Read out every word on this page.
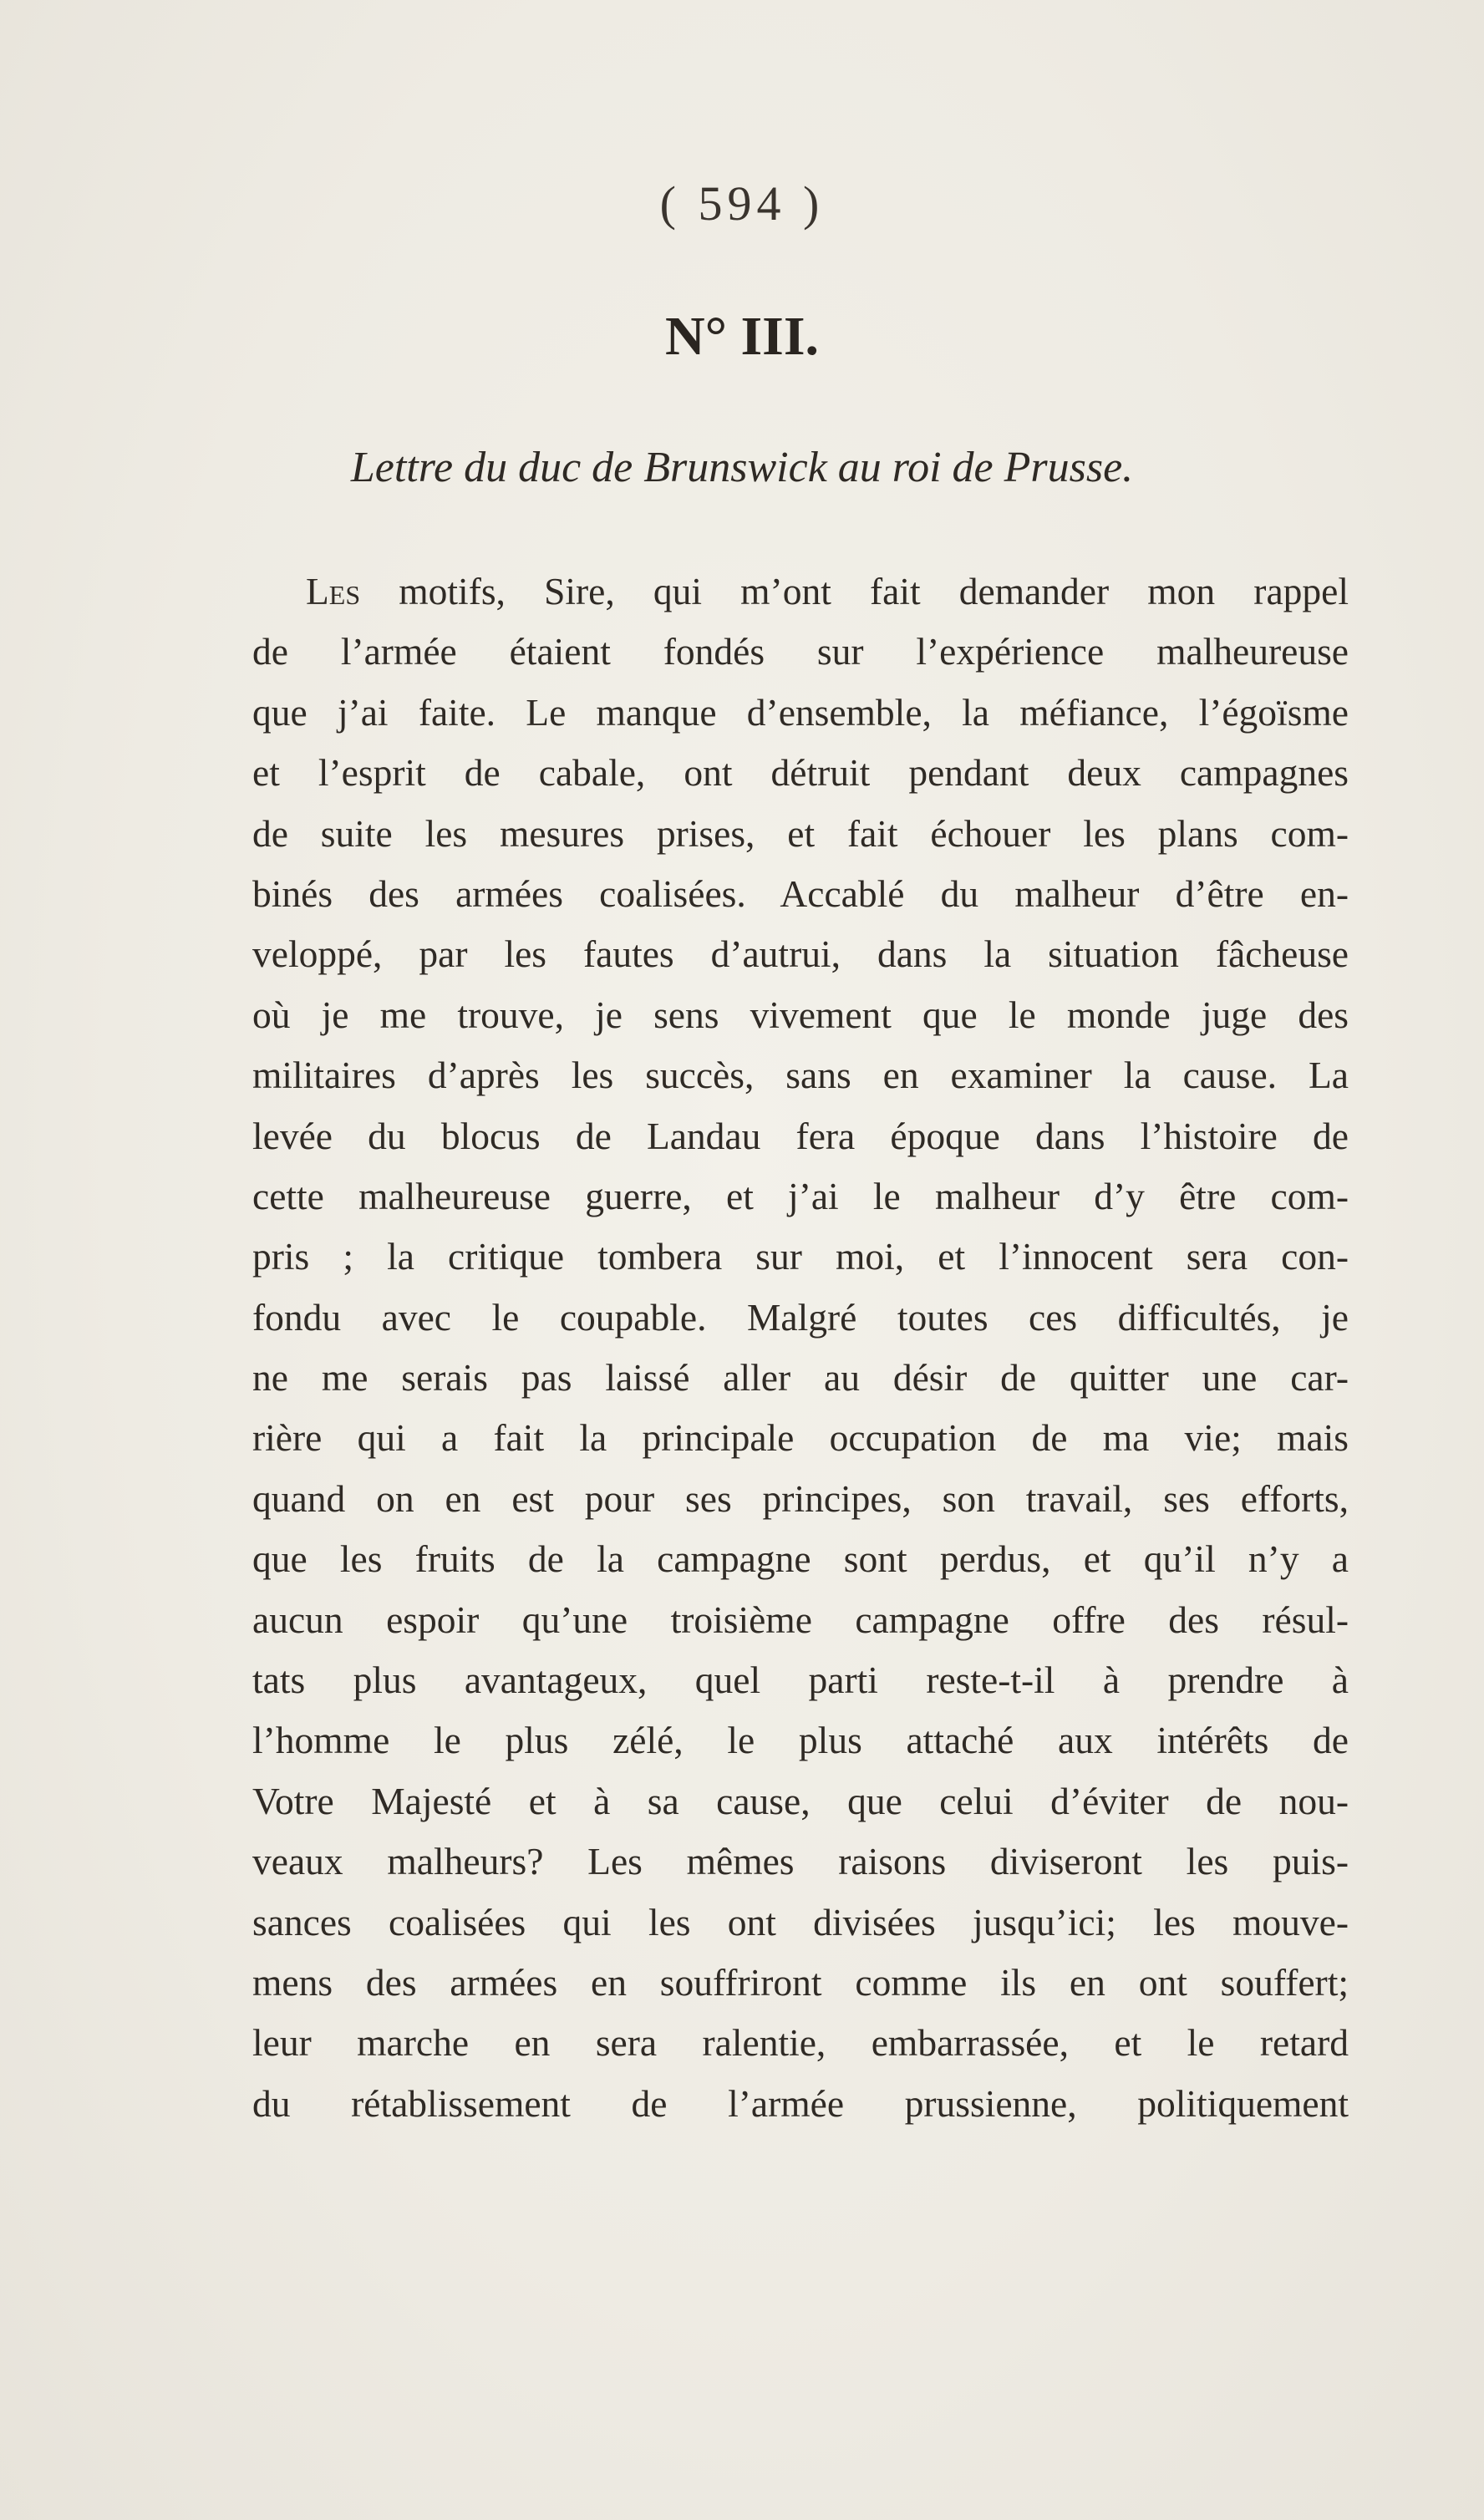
( 594 )
N° III.
Lettre du duc de Brunswick au roi de Prusse.
Les motifs, Sire, qui m’ont fait demander mon rappel
de l’armée étaient fondés sur l’expérience malheureuse
que j’ai faite. Le manque d’ensemble, la méfiance, l’égoïsme
et l’esprit de cabale, ont détruit pendant deux campagnes
de suite les mesures prises, et fait échouer les plans com-
binés des armées coalisées. Accablé du malheur d’être en-
veloppé, par les fautes d’autrui, dans la situation fâcheuse
où je me trouve, je sens vivement que le monde juge des
militaires d’après les succès, sans en examiner la cause. La
levée du blocus de Landau fera époque dans l’histoire de
cette malheureuse guerre, et j’ai le malheur d’y être com-
pris ; la critique tombera sur moi, et l’innocent sera con-
fondu avec le coupable. Malgré toutes ces difficultés, je
ne me serais pas laissé aller au désir de quitter une car-
rière qui a fait la principale occupation de ma vie; mais
quand on en est pour ses principes, son travail, ses efforts,
que les fruits de la campagne sont perdus, et qu’il n’y a
aucun espoir qu’une troisième campagne offre des résul-
tats plus avantageux, quel parti reste-t-il à prendre à
l’homme le plus zélé, le plus attaché aux intérêts de
Votre Majesté et à sa cause, que celui d’éviter de nou-
veaux malheurs? Les mêmes raisons diviseront les puis-
sances coalisées qui les ont divisées jusqu’ici; les mouve-
mens des armées en souffriront comme ils en ont souffert;
leur marche en sera ralentie, embarrassée, et le retard
du rétablissement de l’armée prussienne, politiquement
